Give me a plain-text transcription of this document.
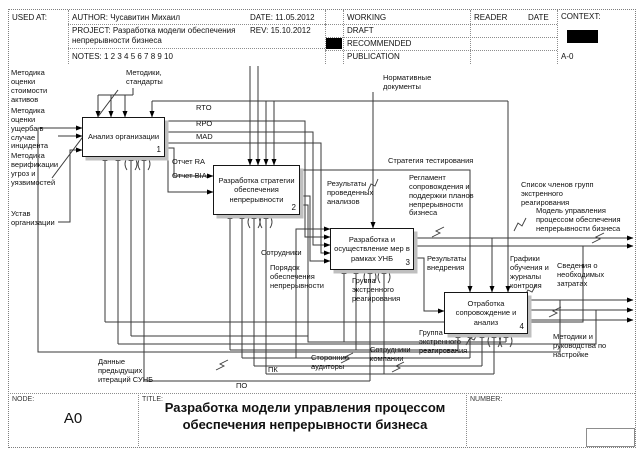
USED AT:	AUTHOR: Чусавитин Михаил
PROJECT: Разработка модели обеспечения непрерывности бизнеса
DATE: 11.05.2012
REV: 15.10.2012
NOTES: 1 2 3 4 5 6 7 8 9 10
WORKING
DRAFT
RECOMMENDED
PUBLICATION
READER	DATE CONTEXT:
A-0
Анализ организации
1
Разработка стратегии обеспечения непрерывности
2
Разработка и осуществление мер в рамках УНБ
3
Отработка сопровождение и анализ
4
Методика оценки стоимости активов
Методика оценки ущерба в случае инцидента
Методика верификации угроз и уязвимостей
Устав организации
Методики, стандарты	Нормативные документы
RTO
RPO
MAD
Отчет RA
Отчет BIA
Результаты проведенных анализов
Стратегия тестирования
Регламент сопровождения и поддержки планов непрерывности бизнеса
Список членов групп экстренного реагирования
Модель управления процессом обеспечения непрерывности бизнеса
Результаты внедрения
Сотрудники
Порядок обеспечения непрерывности
Группа экстренного реагирования
Группа экстренного реагирования
Графики обучения и журналы контроля
Сведения о необходимых затратах
Методики и руководства по настройке
Сторонние аудиторы
Сотрудники компании
Данные предыдущих итераций СУНБ
ПО
ПК
NODE:
A0
TITLE:
Разработка модели управления процессом обеспечения непрерывности бизнеса
NUMBER:
